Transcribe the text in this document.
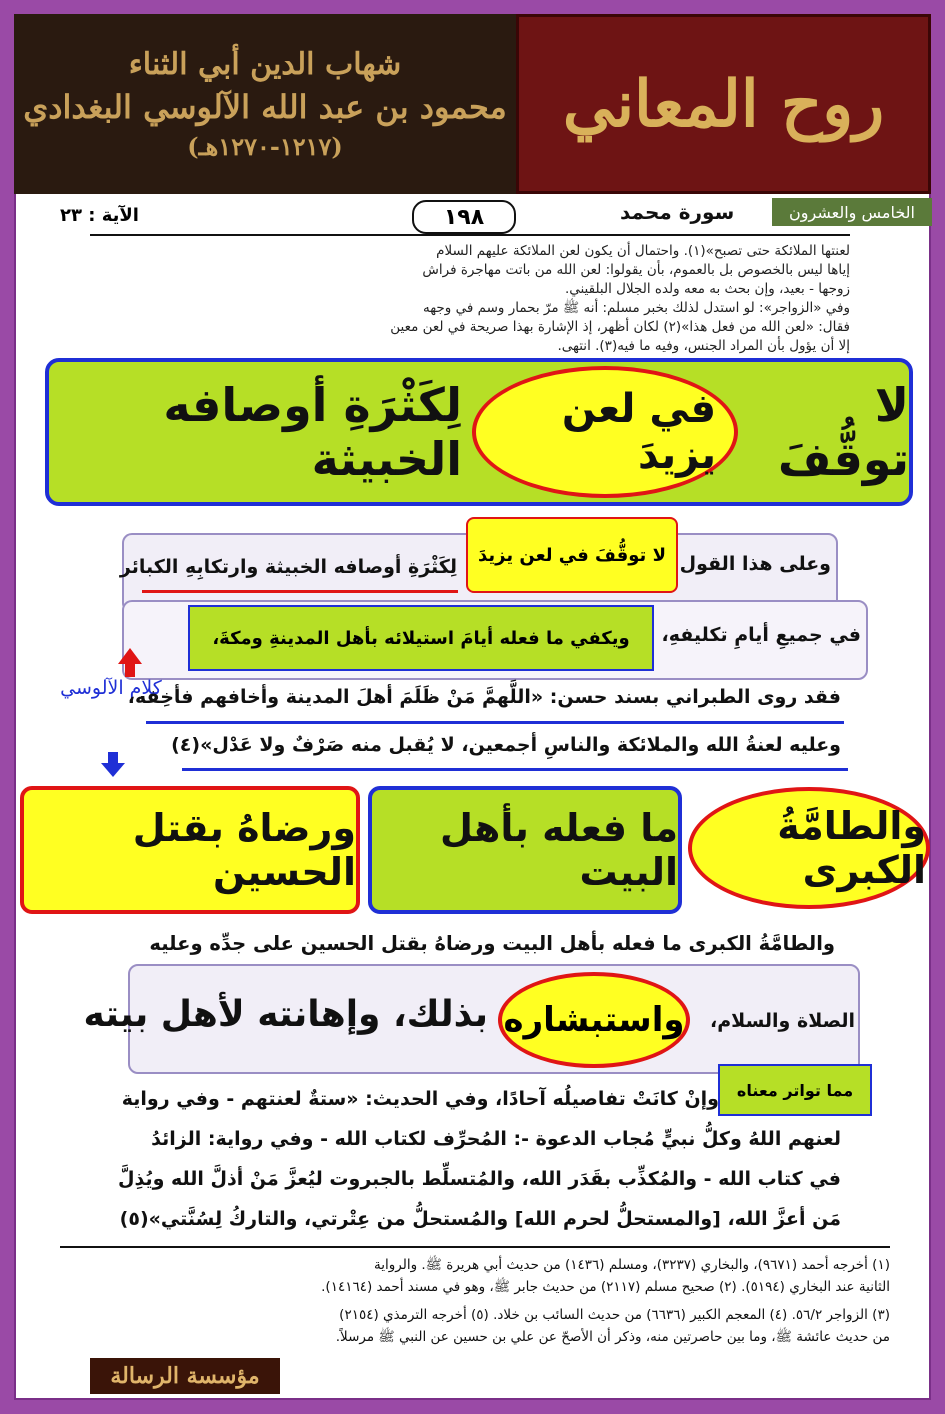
شهاب الدين أبي الثناء
محمود بن عبد الله الآلوسي البغدادي
(١٢١٧-١٢٧٠هـ)
روح المعاني
الخامس والعشرون
سورة محمد
١٩٨
الآية : ٢٣
لعنتها الملائكة حتى تصبح»(١). واحتمال أن يكون لعن الملائكة عليهم السلام
إياها ليس بالخصوص بل بالعموم، بأن يقولوا: لعن الله من باتت مهاجرة فراش
زوجها - بعيد، وإن بحث به معه ولده الجلال البلقيني.
وفي «الزواجر»: لو استدل لذلك بخبر مسلم: أنه ﷺ مرّ بحمار وسم في وجهه
فقال: «لعن الله من فعل هذا»(٢) لكان أظهر، إذ الإشارة بهذا صريحة في لعن معين
إلا أن يؤول بأن المراد الجنس، وفيه ما فيه(٣). انتهى.
لا توقُّفَ
في لعن يزيدَ
لِكَثْرَةِ أوصافه الخبيثة
وعلى هذا القول
لا توقُّفَ في لعن يزيدَ
لِكَثْرَةِ أوصافه الخبيثة وارتكابِهِ الكبائر
في جميعِ أيامِ تكليفهِ،
ويكفي ما فعله أيامَ استيلائه بأهل المدينةِ ومكةَ،
كلام الآلوسي
فقد روى الطبراني بسند حسن: «اللَّهمَّ مَنْ ظَلَمَ أهلَ المدينة وأخافهم فأخِفه،
وعليه لعنةُ الله والملائكة والناسِ أجمعين، لا يُقبل منه صَرْفٌ ولا عَدْل»(٤)
والطامَّةُ الكبرى
ما فعله بأهل البيت
ورضاهُ بقتل الحسين
والطامَّةُ الكبرى ما فعله بأهل البيت ورضاهُ بقتل الحسين على جدِّه وعليه
الصلاة والسلام،
واستبشاره
بذلك، وإهانته لأهل بيته
مما تواتر معناه
وإنْ كانَتْ تفاصيلُه آحادًا، وفي الحديث: «ستةٌ لعنتهم - وفي رواية
لعنهم اللهُ وكلُّ نبيٍّ مُجاب الدعوة -: المُحرِّف لكتاب الله - وفي رواية: الزائدُ
في كتاب الله - والمُكذِّب بقَدَر الله، والمُتسلِّط بالجبروت ليُعزَّ مَنْ أذلَّ الله ويُذِلَّ
مَن أعزَّ الله، [والمستحلُّ لحرم الله] والمُستحلُّ من عِتْرتي، والتاركُ لِسُنَّتي»(٥)
(١) أخرجه أحمد (٩٦٧١)، والبخاري (٣٢٣٧)، ومسلم (١٤٣٦) من حديث أبي هريرة ﷺ. والرواية
الثانية عند البخاري (٥١٩٤). (٢) صحيح مسلم (٢١١٧) من حديث جابر ﷺ، وهو في مسند أحمد (١٤١٦٤).
(٣) الزواجر ٥٦/٢. (٤) المعجم الكبير (٦٦٣٦) من حديث السائب بن خلاد. (٥) أخرجه الترمذي (٢١٥٤)
من حديث عائشة ﷺ، وما بين حاصرتين منه، وذكر أن الأصحّ عن علي بن حسين عن النبي ﷺ مرسلاً.
مؤسسة الرسالة
